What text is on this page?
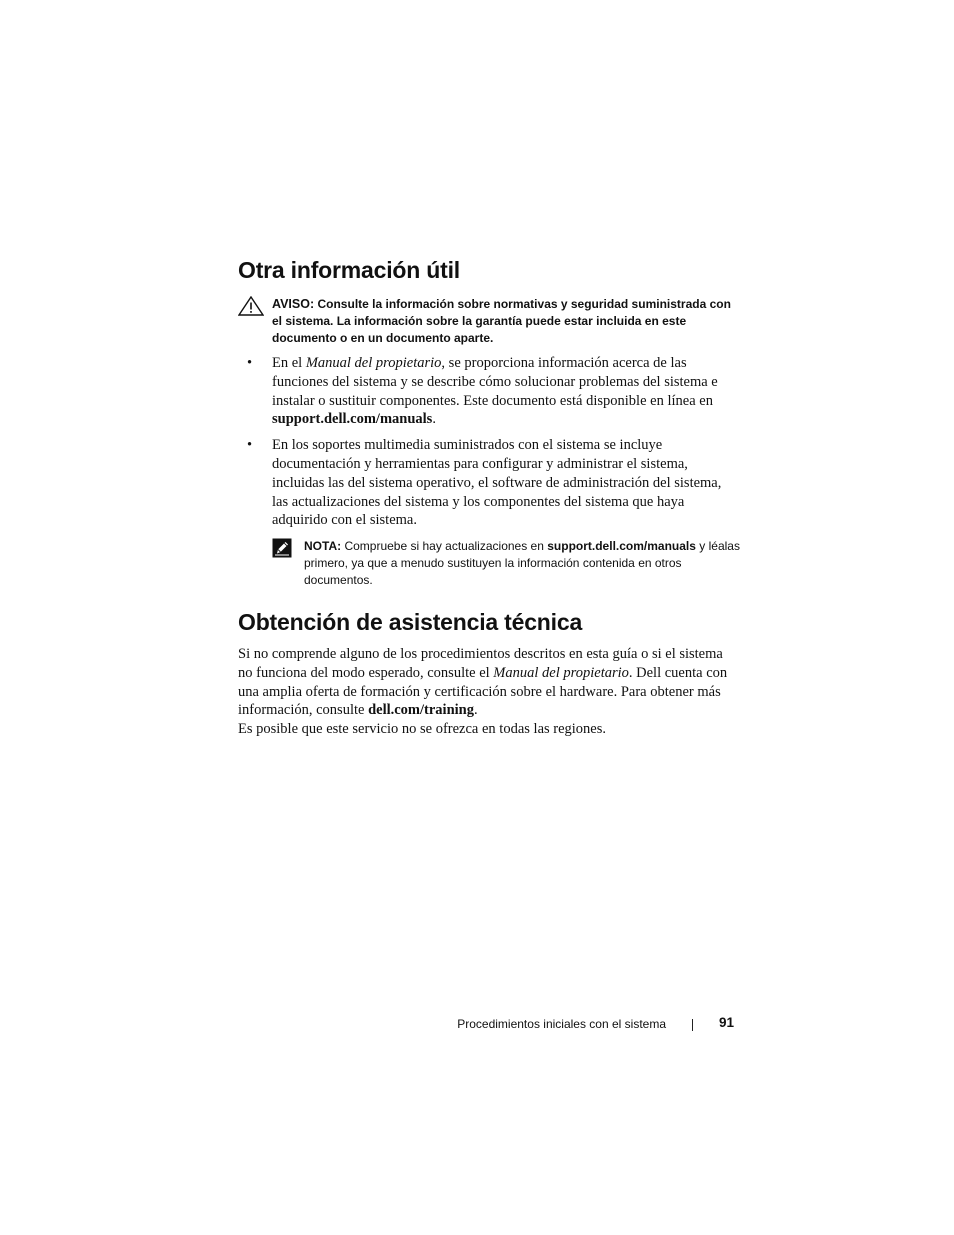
Otra información útil
AVISO: Consulte la información sobre normativas y seguridad suministrada con el sistema. La información sobre la garantía puede estar incluida en este documento o en un documento aparte.
• En el Manual del propietario, se proporciona información acerca de las funciones del sistema y se describe cómo solucionar problemas del sistema e instalar o sustituir componentes. Este documento está disponible en línea en support.dell.com/manuals.
• En los soportes multimedia suministrados con el sistema se incluye documentación y herramientas para configurar y administrar el sistema, incluidas las del sistema operativo, el software de administración del sistema, las actualizaciones del sistema y los componentes del sistema que haya adquirido con el sistema.
NOTA: Compruebe si hay actualizaciones en support.dell.com/manuals y léalas primero, ya que a menudo sustituyen la información contenida en otros documentos.
Obtención de asistencia técnica

Si no comprende alguno de los procedimientos descritos en esta guía o si el sistema no funciona del modo esperado, consulte el Manual del propietario. Dell cuenta con una amplia oferta de formación y certificación sobre el hardware. Para obtener más información, consulte dell.com/training.
Es posible que este servicio no se ofrezca en todas las regiones.

Procedimientos iniciales con el sistema	91
